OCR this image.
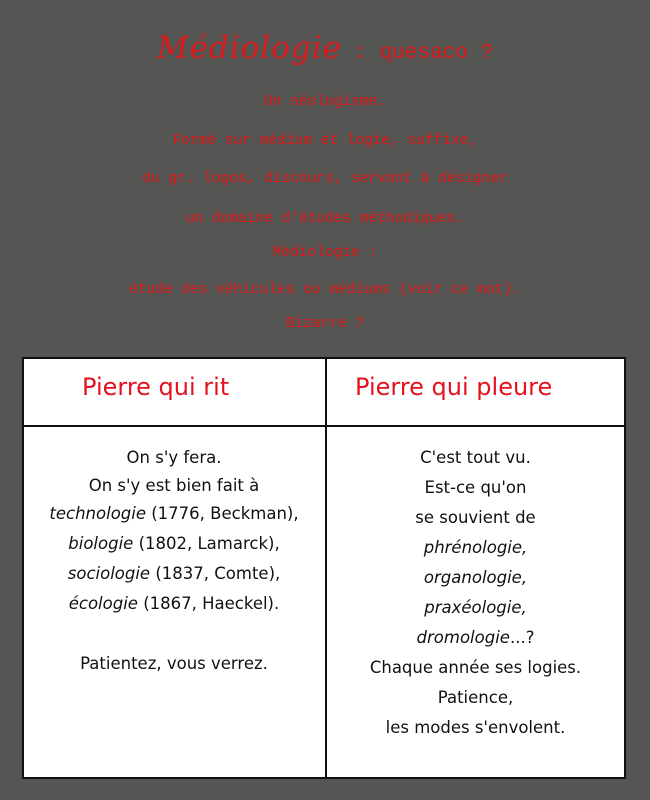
Médiologie : quesaco ?
Un néologisme.
Formé sur médium et logie, suffixe,
du gr. logos, discours, servant à désigner
un domaine d'études méthodiques.
Médiologie :
étude des véhicules ou médiums (voir ce mot).
Bizarre ?
Pierre qui rit	Pierre qui pleure
On s'y fera.
On s'y est bien fait à
technologie (1776, Beckman),
biologie (1802, Lamarck),
sociologie (1837, Comte),
écologie (1867, Haeckel).
Patientez, vous verrez.
C'est tout vu.
Est-ce qu'on
se souvient de
phrénologie,
organologie,
praxéologie,
dromologie...?
Chaque année ses logies.
Patience,
les modes s'envolent.
